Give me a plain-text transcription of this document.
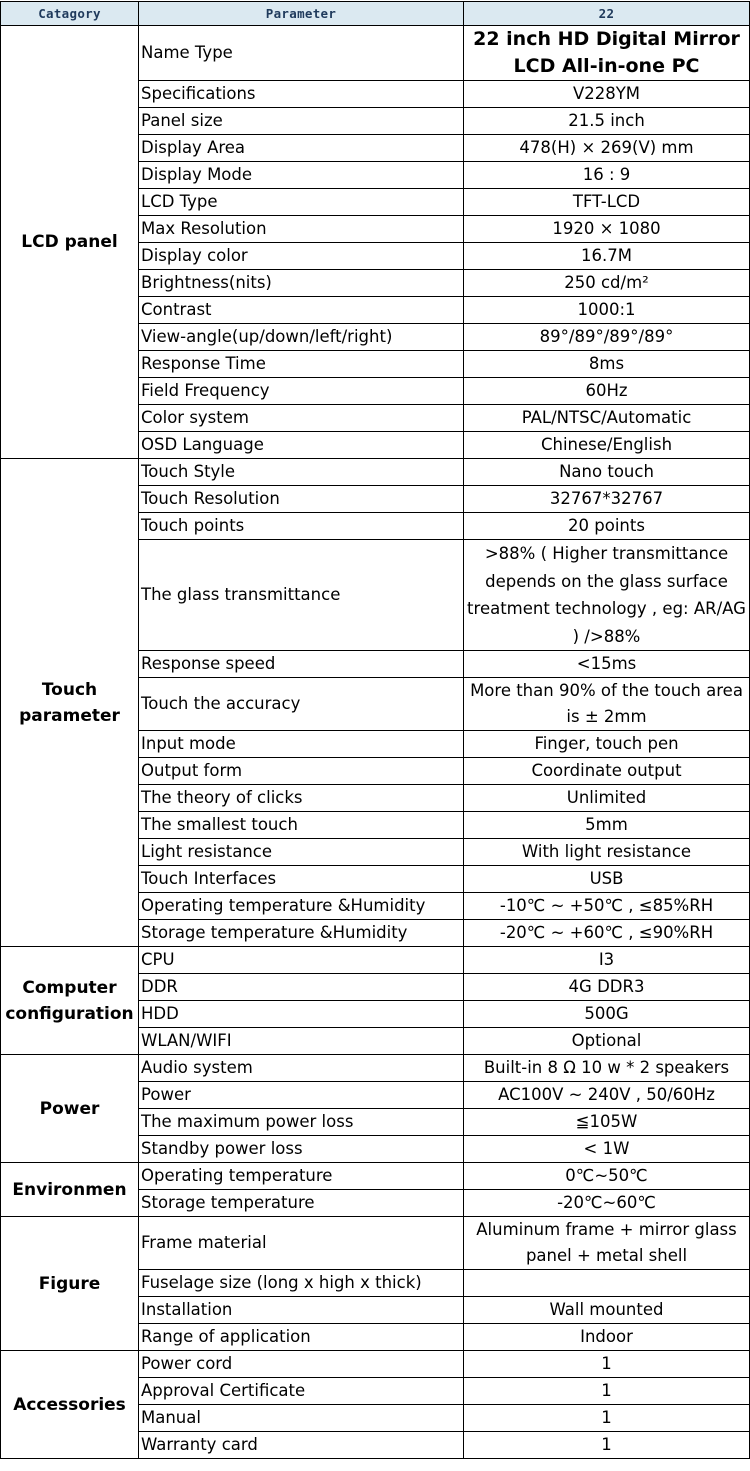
Catagory	Parameter	22
LCD panel	Name Type	22 inch HD Digital Mirror LCD All-in-one PC
	Specifications	V228YM
	Panel size	21.5 inch
	Display Area	478(H) × 269(V) mm
	Display Mode	16 : 9
	LCD Type	TFT-LCD
	Max Resolution	1920 × 1080
	Display color	16.7M
	Brightness(nits)	250 cd/m²
	Contrast	1000:1
	View-angle(up/down/left/right)	89°/89°/89°/89°
	Response Time	8ms
	Field Frequency	60Hz
	Color system	PAL/NTSC/Automatic
	OSD Language	Chinese/English
Touch parameter	Touch Style	Nano touch
	Touch Resolution	32767*32767
	Touch points	20 points
	The glass transmittance	>88% ( Higher transmittance depends on the glass surface treatment technology , eg: AR/AG ) />88%
	Response speed	<15ms
	Touch the accuracy	More than 90% of the touch area is ± 2mm
	Input mode	Finger, touch pen
	Output form	Coordinate output
	The theory of clicks	Unlimited
	The smallest touch	5mm
	Light resistance	With light resistance
	Touch Interfaces	USB
	Operating temperature &Humidity	-10℃ ~ +50℃ , ≤85%RH
	Storage temperature &Humidity	-20℃ ~ +60℃ , ≤90%RH
Computer configuration	CPU	I3
	DDR	4G DDR3
	HDD	500G
	WLAN/WIFI	Optional
Power	Audio system	Built-in 8 Ω 10 w * 2 speakers
	Power	AC100V ~ 240V , 50/60Hz
	The maximum power loss	≦105W
	Standby power loss	< 1W
Environmen	Operating temperature	0℃~50℃
	Storage temperature	-20℃~60℃
Figure	Frame material	Aluminum frame + mirror glass panel + metal shell
	Fuselage size (long x high x thick)	
	Installation	Wall mounted
	Range of application	Indoor
Accessories	Power cord	1
	Approval Certificate	1
	Manual	1
	Warranty card	1
